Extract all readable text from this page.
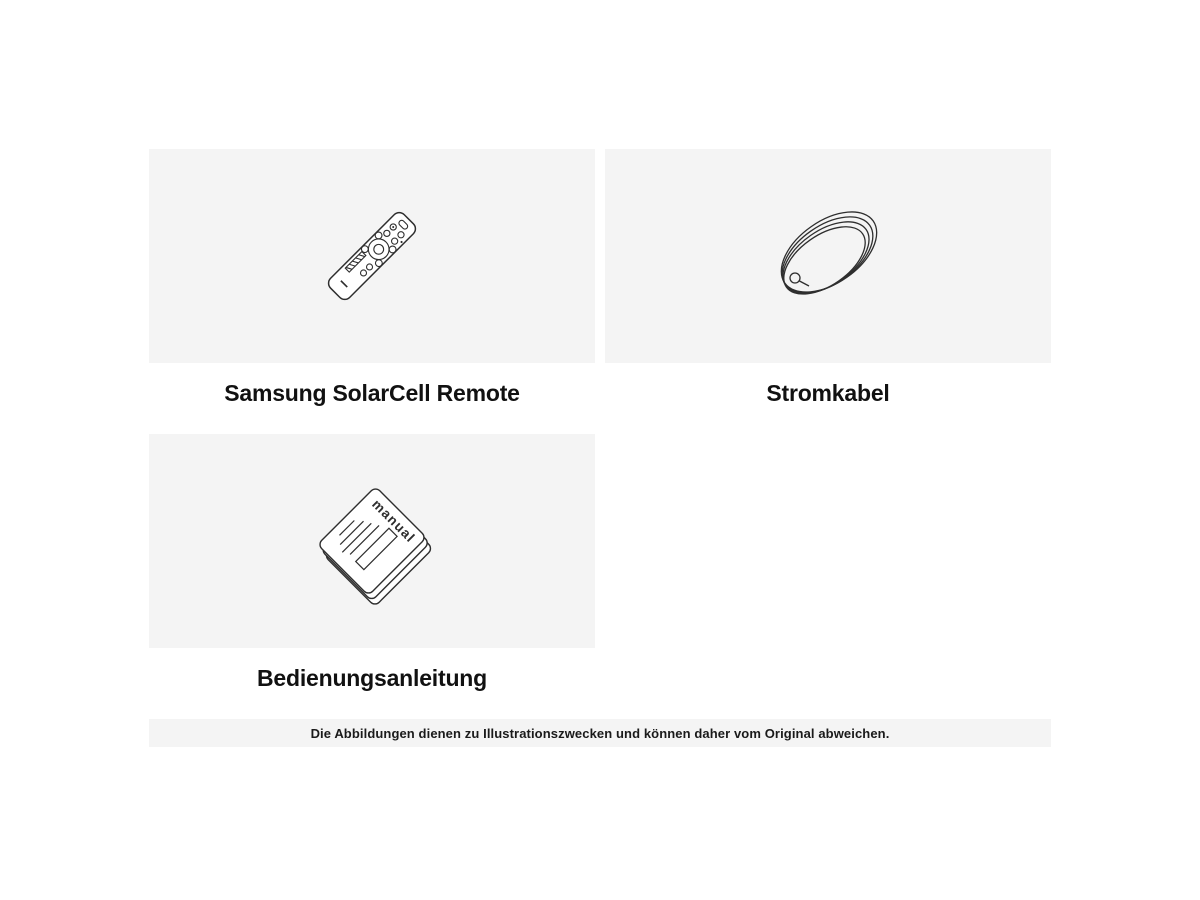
Samsung SolarCell Remote	Stromkabel
manual
Bedienungsanleitung
Die Abbildungen dienen zu Illustrationszwecken und können daher vom Original abweichen.
